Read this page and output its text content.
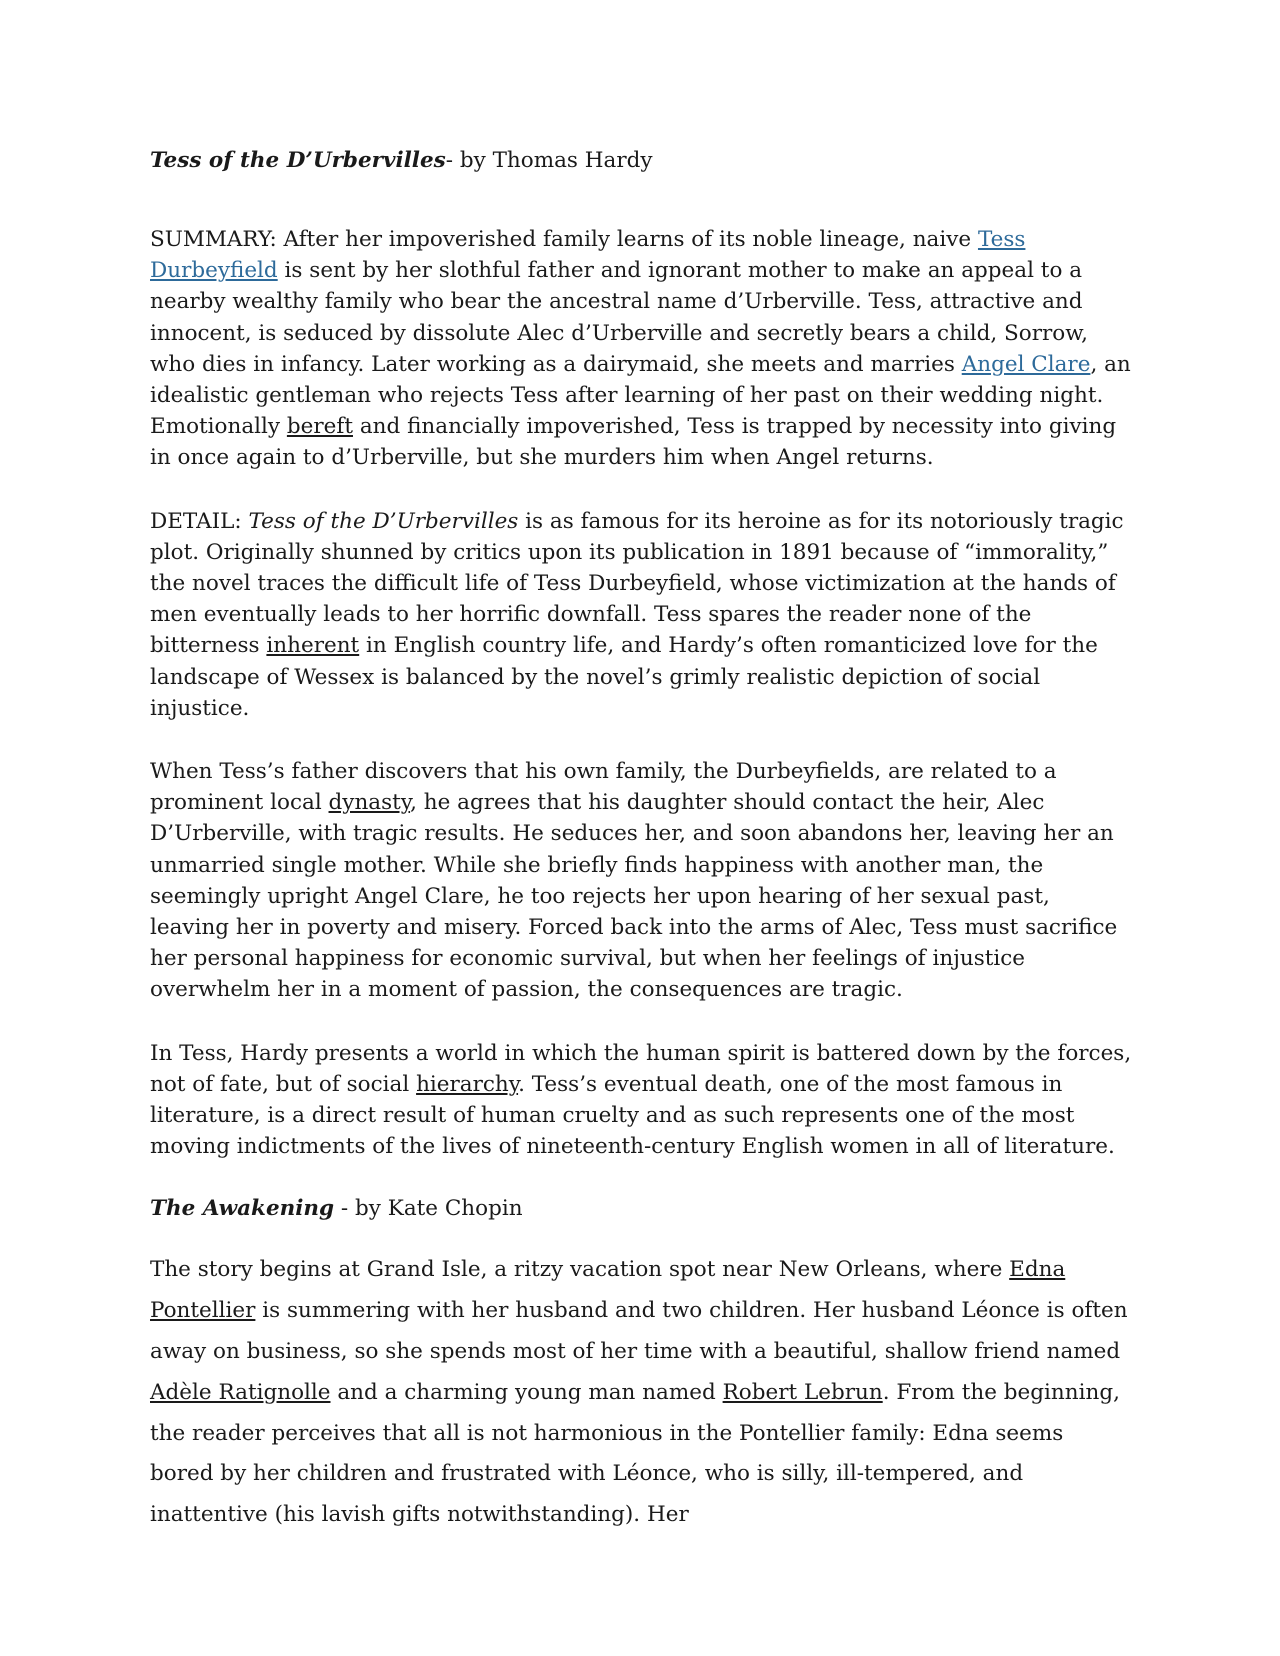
Tess of the D’Urbervilles- by Thomas Hardy

SUMMARY: After her impoverished family learns of its noble lineage, naive Tess Durbeyfield is sent by her slothful father and ignorant mother to make an appeal to a nearby wealthy family who bear the ancestral name d’Urberville. Tess, attractive and innocent, is seduced by dissolute Alec d’Urberville and secretly bears a child, Sorrow, who dies in infancy. Later working as a dairymaid, she meets and marries Angel Clare, an idealistic gentleman who rejects Tess after learning of her past on their wedding night. Emotionally bereft and financially impoverished, Tess is trapped by necessity into giving in once again to d’Urberville, but she murders him when Angel returns.

DETAIL: Tess of the D’Urbervilles is as famous for its heroine as for its notoriously tragic plot. Originally shunned by critics upon its publication in 1891 because of “immorality,” the novel traces the difficult life of Tess Durbeyfield, whose victimization at the hands of men eventually leads to her horrific downfall. Tess spares the reader none of the bitterness inherent in English country life, and Hardy’s often romanticized love for the landscape of Wessex is balanced by the novel’s grimly realistic depiction of social injustice.

When Tess’s father discovers that his own family, the Durbeyfields, are related to a prominent local dynasty, he agrees that his daughter should contact the heir, Alec D’Urberville, with tragic results. He seduces her, and soon abandons her, leaving her an unmarried single mother. While she briefly finds happiness with another man, the seemingly upright Angel Clare, he too rejects her upon hearing of her sexual past, leaving her in poverty and misery. Forced back into the arms of Alec, Tess must sacrifice her personal happiness for economic survival, but when her feelings of injustice overwhelm her in a moment of passion, the consequences are tragic.

In Tess, Hardy presents a world in which the human spirit is battered down by the forces, not of fate, but of social hierarchy. Tess’s eventual death, one of the most famous in literature, is a direct result of human cruelty and as such represents one of the most moving indictments of the lives of nineteenth-century English women in all of literature.

The Awakening - by Kate Chopin

The story begins at Grand Isle, a ritzy vacation spot near New Orleans, where Edna Pontellier is summering with her husband and two children. Her husband Léonce is often away on business, so she spends most of her time with a beautiful, shallow friend named Adèle Ratignolle and a charming young man named Robert Lebrun. From the beginning, the reader perceives that all is not harmonious in the Pontellier family: Edna seems bored by her children and frustrated with Léonce, who is silly, ill-tempered, and inattentive (his lavish gifts notwithstanding). Her
